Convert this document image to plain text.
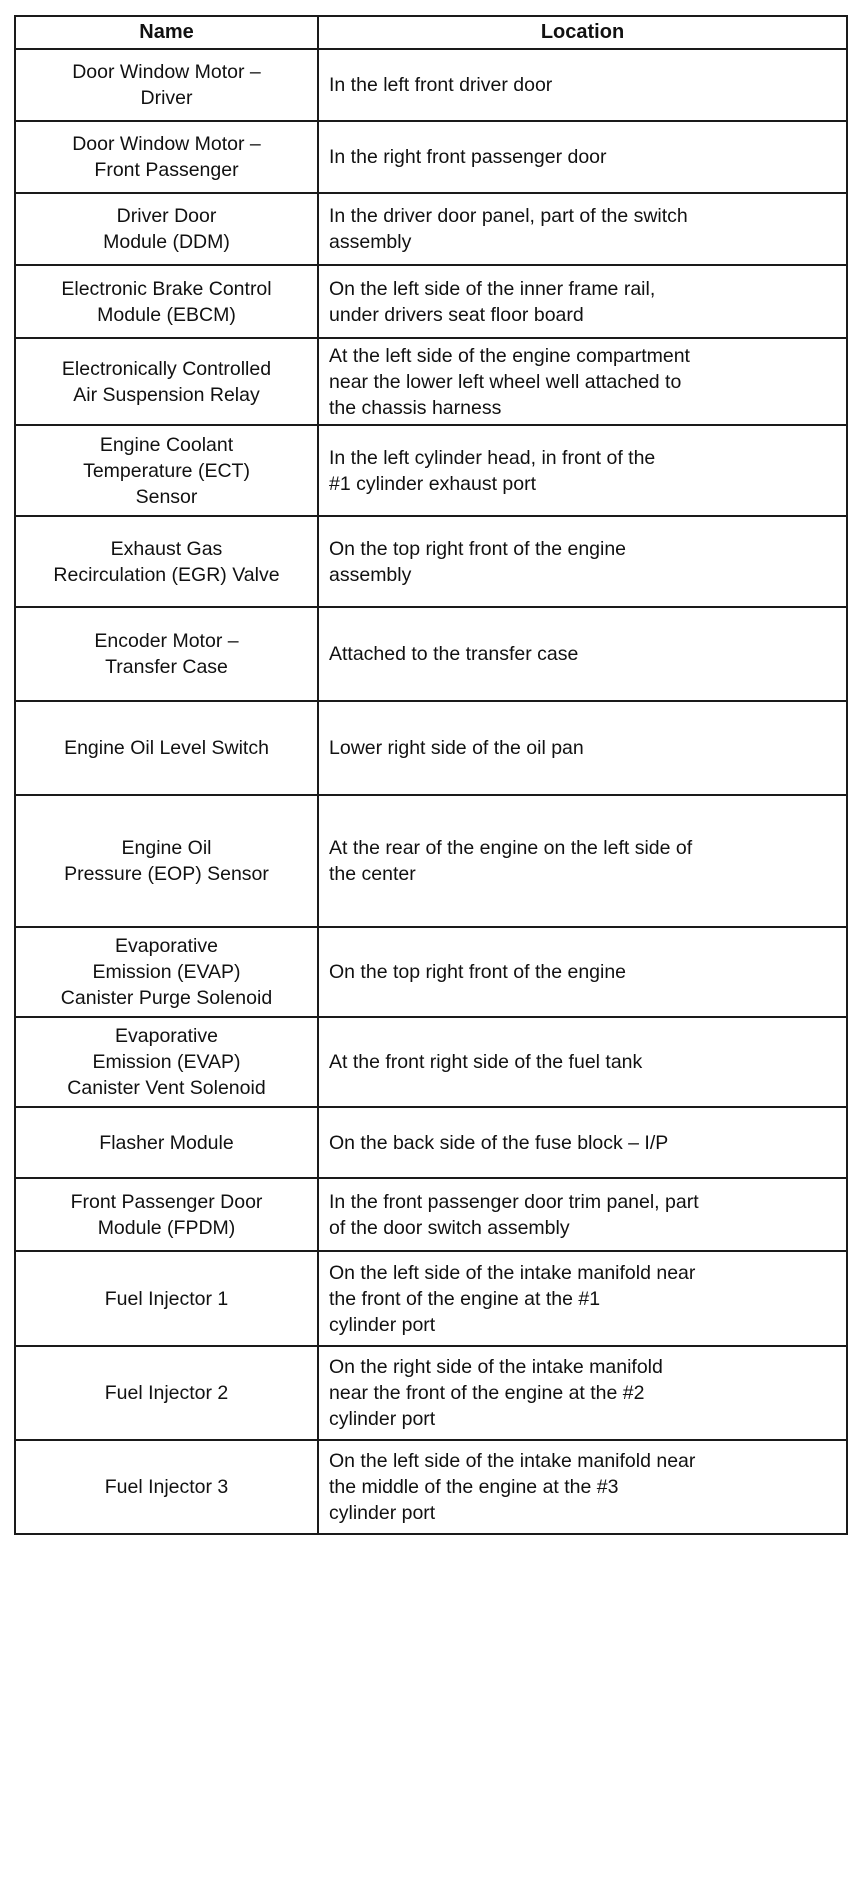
Name	Location

Door Window Motor –
Driver	In the left front driver door

Door Window Motor –
Front Passenger	In the right front passenger door

Driver Door
Module (DDM)	In the driver door panel, part of the switch
assembly

Electronic Brake Control
Module (EBCM)	On the left side of the inner frame rail,
under drivers seat floor board

Electronically Controlled
Air Suspension Relay	At the left side of the engine compartment
near the lower left wheel well attached to
the chassis harness

Engine Coolant
Temperature (ECT)
Sensor	In the left cylinder head, in front of the
#1 cylinder exhaust port

Exhaust Gas
Recirculation (EGR) Valve	On the top right front of the engine
assembly

Encoder Motor –
Transfer Case	Attached to the transfer case

Engine Oil Level Switch	Lower right side of the oil pan

Engine Oil
Pressure (EOP) Sensor	At the rear of the engine on the left side of
the center

Evaporative
Emission (EVAP)
Canister Purge Solenoid	On the top right front of the engine

Evaporative
Emission (EVAP)
Canister Vent Solenoid	At the front right side of the fuel tank

Flasher Module	On the back side of the fuse block – I/P

Front Passenger Door
Module (FPDM)	In the front passenger door trim panel, part
of the door switch assembly

Fuel Injector 1	On the left side of the intake manifold near
the front of the engine at the #1
cylinder port

Fuel Injector 2	On the right side of the intake manifold
near the front of the engine at the #2
cylinder port

Fuel Injector 3	On the left side of the intake manifold near
the middle of the engine at the #3
cylinder port
